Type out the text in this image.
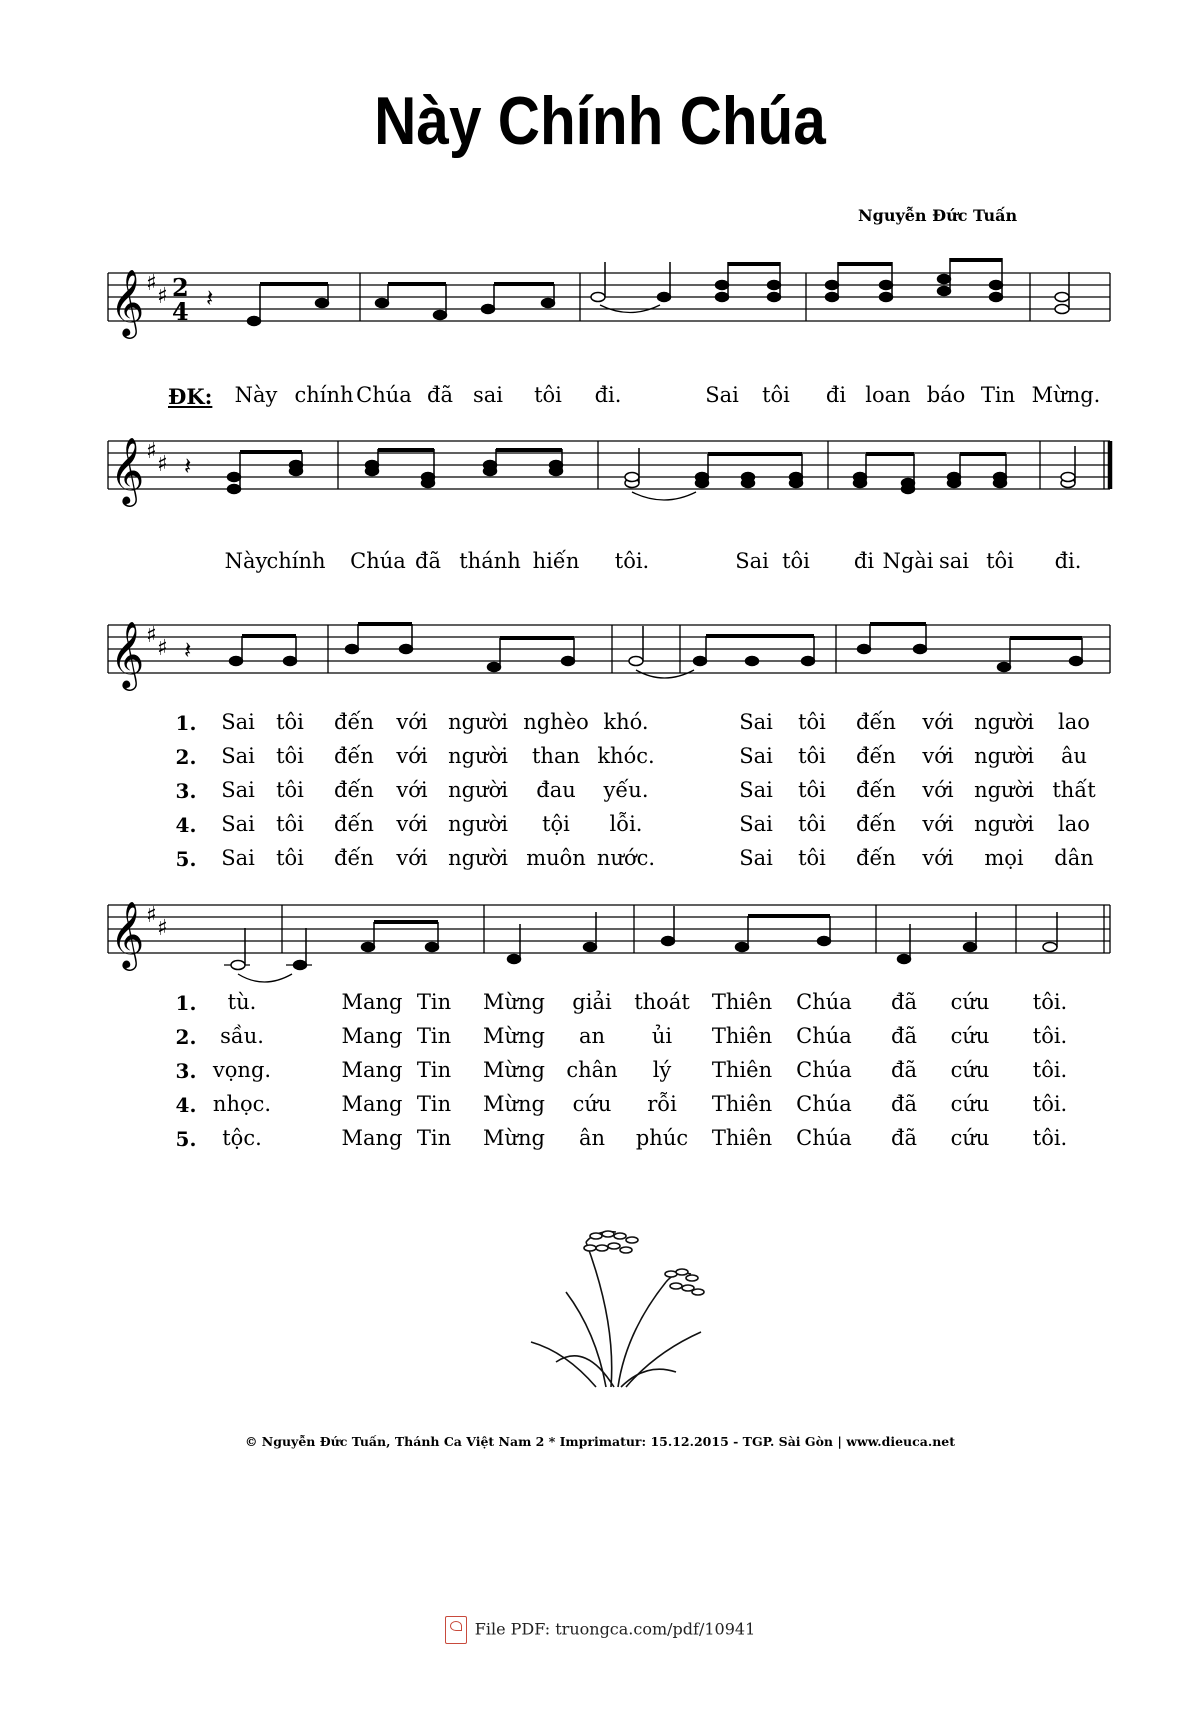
Này Chính Chúa
Nguyễn Đức Tuấn
𝄞 ♯
♯ 2
4 𝄽
ĐK: Này chính Chúa đã sai tôi đi.	Sai tôi đi loan báo Tin Mừng.
𝄞 ♯
♯ 𝄽
Này chính Chúa đã thánh hiến tôi.	Sai tôi đi Ngài sai tôi đi.
𝄞 ♯
♯ 𝄽
1. Sai tôi đến với người nghèo khó.	Sai tôi đến với người lao
2. Sai tôi đến với người than khóc.	Sai tôi đến với người âu
3. Sai tôi đến với người đau yếu.	Sai tôi đến với người thất
4. Sai tôi đến với người tội lỗi.	Sai tôi đến với người lao
5. Sai tôi đến với người muôn nước.	Sai tôi đến với mọi dân
𝄞 ♯
♯
1. tù.	Mang Tin Mừng giải thoát Thiên Chúa đã cứu tôi.
2. sầu.	Mang Tin Mừng an ủi Thiên Chúa đã cứu tôi.
3. vọng.	Mang Tin Mừng chân lý Thiên Chúa đã cứu tôi.
4. nhọc.	Mang Tin Mừng cứu rỗi Thiên Chúa đã cứu tôi.
5. tộc.	Mang Tin Mừng ân phúc Thiên Chúa đã cứu tôi.
© Nguyễn Đức Tuấn, Thánh Ca Việt Nam 2 * Imprimatur: 15.12.2015 - TGP. Sài Gòn | www.dieuca.net
File PDF: truongca.com/pdf/10941
